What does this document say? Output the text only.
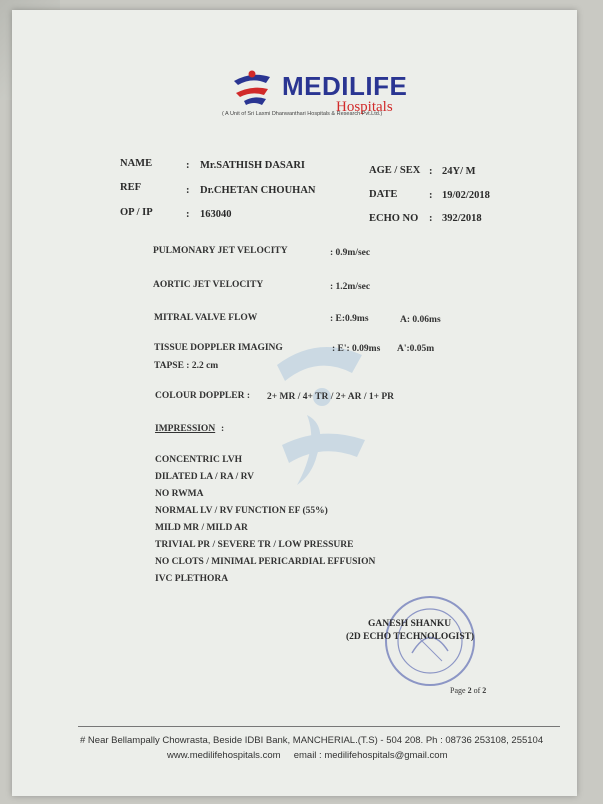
MEDILIFE
Hospitals
( A Unit of Sri Laxmi Dhanwanthari Hospitals & Research Pvt.Ltd.)
NAME	: Mr.SATHISH DASARI
REF	: Dr.CHETAN CHOUHAN
OP / IP	: 163040
AGE / SEX : 24Y/ M
DATE	: 19/02/2018
ECHO NO : 392/2018
PULMONARY JET VELOCITY	: 0.9m/sec
AORTIC JET VELOCITY	: 1.2m/sec
MITRAL VALVE FLOW	: E:0.9ms	A: 0.06ms
TISSUE DOPPLER IMAGING	: E': 0.09ms A':0.05m
TAPSE : 2.2 cm
COLOUR DOPPLER : 2+ MR / 4+ TR / 2+ AR / 1+ PR
IMPRESSION :
CONCENTRIC LVH
DILATED LA / RA / RV
NO RWMA
NORMAL LV / RV FUNCTION EF (55%)
MILD MR / MILD AR
TRIVIAL PR / SEVERE TR / LOW PRESSURE
NO CLOTS / MINIMAL PERICARDIAL EFFUSION
IVC PLETHORA
GANESH SHANKU
(2D ECHO TECHNOLOGIST)
Page 2 of 2
# Near Bellampally Chowrasta, Beside IDBI Bank, MANCHERIAL.(T.S) - 504 208. Ph : 08736 253108, 255104
www.medilifehospitals.com email : medilifehospitals@gmail.com
